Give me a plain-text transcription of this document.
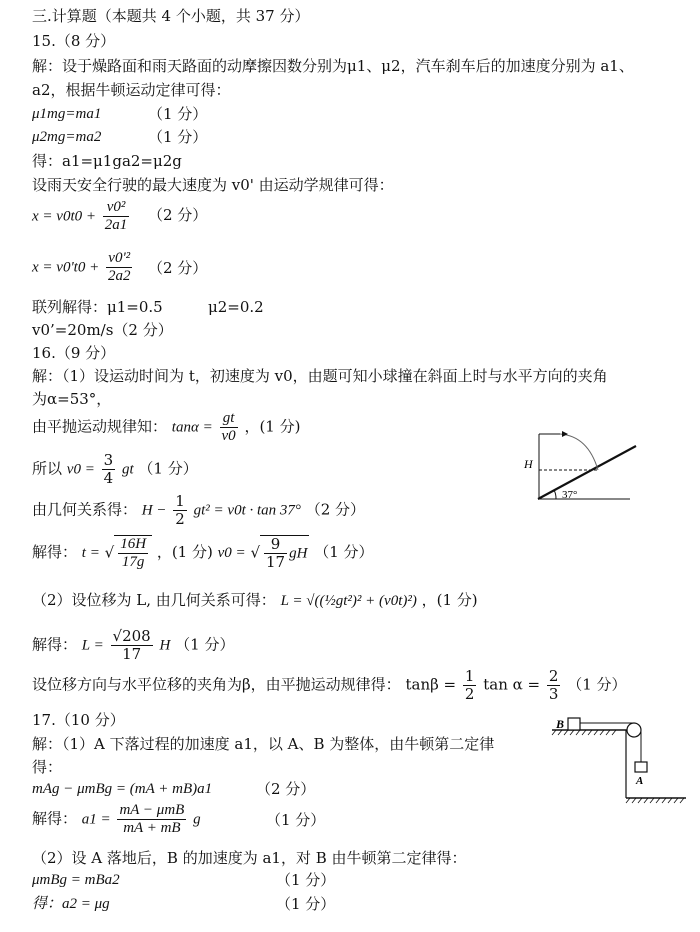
三.计算题（本题共 4 个小题，共 37 分）
15.（8 分）
解：设于燥路面和雨天路面的动摩擦因数分别为μ1、μ2，汽车刹车后的加速度分别为 a1、
a2，根据牛顿运动定律可得：
μ1mg=ma1	（1 分）
μ2mg=ma2	（1 分）
得：a1=μ1ga2=μ2g
设雨天安全行驶的最大速度为 v0' 由运动学规律可得：
$x = v0t0 + \frac{\text{v0²}}{2a1} (2$ 分）
$x = v0't0 + \frac{\text{v0'²}}{2a2} (2$ 分）
联列解得：μ1=0.5	μ2=0.2
v0’=20m/s（2 分）
16.（9 分）
解：（1）设运动时间为 t，初速度为 v0，由题可知小球撞在斜面上时与水平方向的夹角
为α=53°，
由平抛运动规律知： $\tan\alpha = \frac{gt}{v0}$ ，(1 分)
所以 $v0 = \frac{3}{4}$ gt （1 分）
由几何关系得： $H - \frac{1}{2} gt^2 = v0t \cdot \tan 37^\circ$ （2 分）
解得： t = √ $\frac{16H}{17g}$ ，(1 分) v0 = √ $\frac{9}{17}$ gH （1 分）
（2）设位移为 L, 由几何关系可得： L = √((½gt²)² + (v0t)²) ，(1 分)
解得： $L = \frac{√208}{17}$ H （1 分）
设位移方向与水平位移的夹角为β，由平抛运动规律得： $\tan\beta = \frac{1}{2}$ $\tan \alpha = \frac{2}{3} (1$ 分）
H
37°
17.（10 分）
解：（1）A 下落过程的加速度 a1，以 A、B 为整体，由牛顿第二定律
得：
mAg − μmBg = (mA + mB)a1	（2 分）
解得： $a1 = \frac{\text{mA − μmB}}{mA + mB}$ g	（1 分）
（2）设 A 落地后，B 的加速度为 a1，对 B 由牛顿第二定律得：
μmBg = mBa2	（1 分）
得：a2 = μg	（1 分）
B
A
